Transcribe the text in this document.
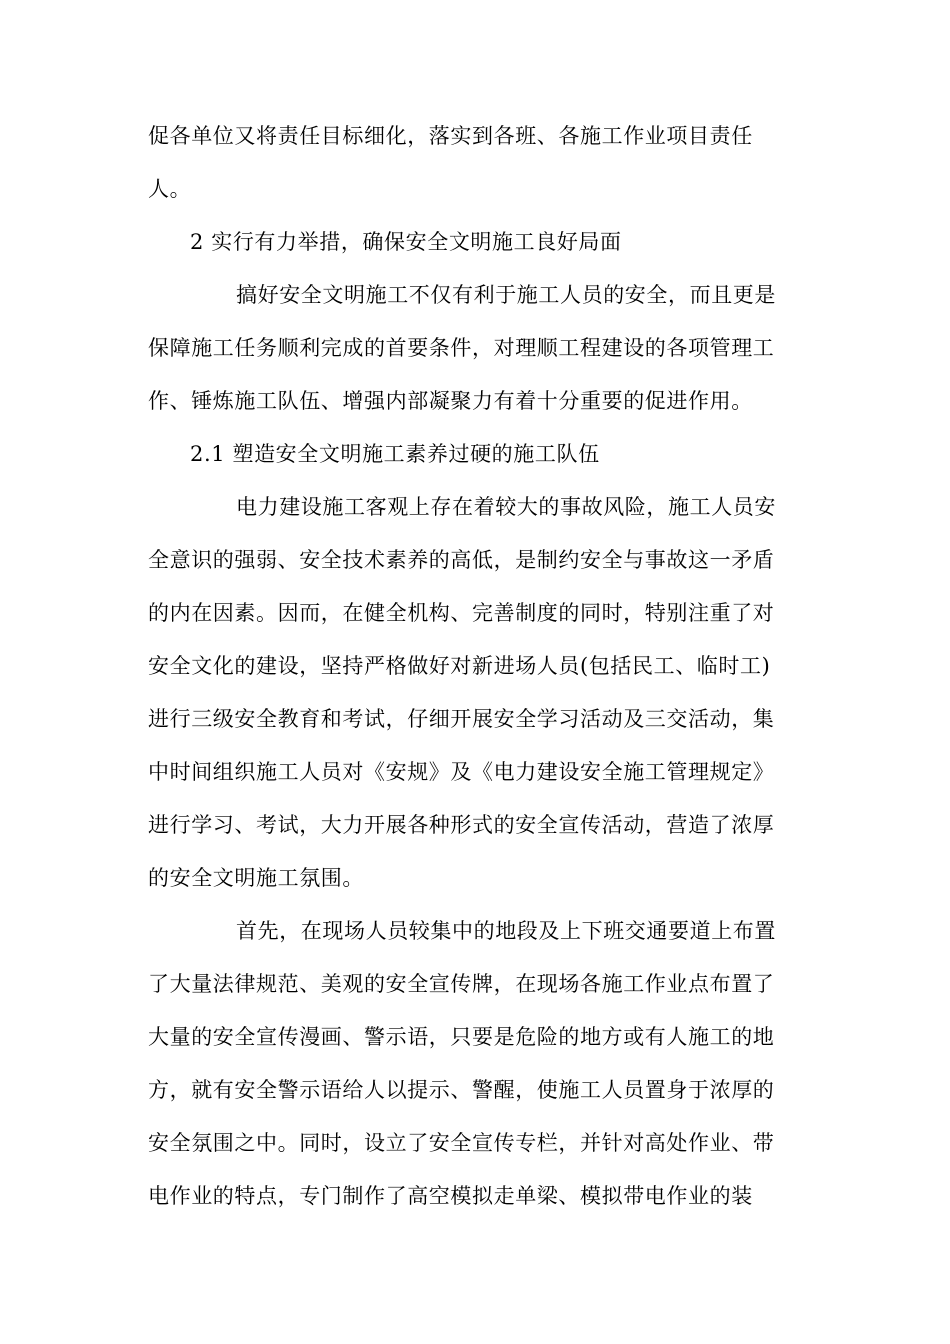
促各单位又将责任目标细化，落实到各班、各施工作业项目责任
人。
2 实行有力举措，确保安全文明施工良好局面
搞好安全文明施工不仅有利于施工人员的安全，而且更是
保障施工任务顺利完成的首要条件，对理顺工程建设的各项管理工
作、锤炼施工队伍、增强内部凝聚力有着十分重要的促进作用。
2.1 塑造安全文明施工素养过硬的施工队伍
电力建设施工客观上存在着较大的事故风险，施工人员安
全意识的强弱、安全技术素养的高低，是制约安全与事故这一矛盾
的内在因素。因而，在健全机构、完善制度的同时，特别注重了对
安全文化的建设，坚持严格做好对新进场人员(包括民工、临时工)
进行三级安全教育和考试，仔细开展安全学习活动及三交活动，集
中时间组织施工人员对《安规》及《电力建设安全施工管理规定》
进行学习、考试，大力开展各种形式的安全宣传活动，营造了浓厚
的安全文明施工氛围。
首先，在现场人员较集中的地段及上下班交通要道上布置
了大量法律规范、美观的安全宣传牌，在现场各施工作业点布置了
大量的安全宣传漫画、警示语，只要是危险的地方或有人施工的地
方，就有安全警示语给人以提示、警醒，使施工人员置身于浓厚的
安全氛围之中。同时，设立了安全宣传专栏，并针对高处作业、带
电作业的特点，专门制作了高空模拟走单梁、模拟带电作业的装
